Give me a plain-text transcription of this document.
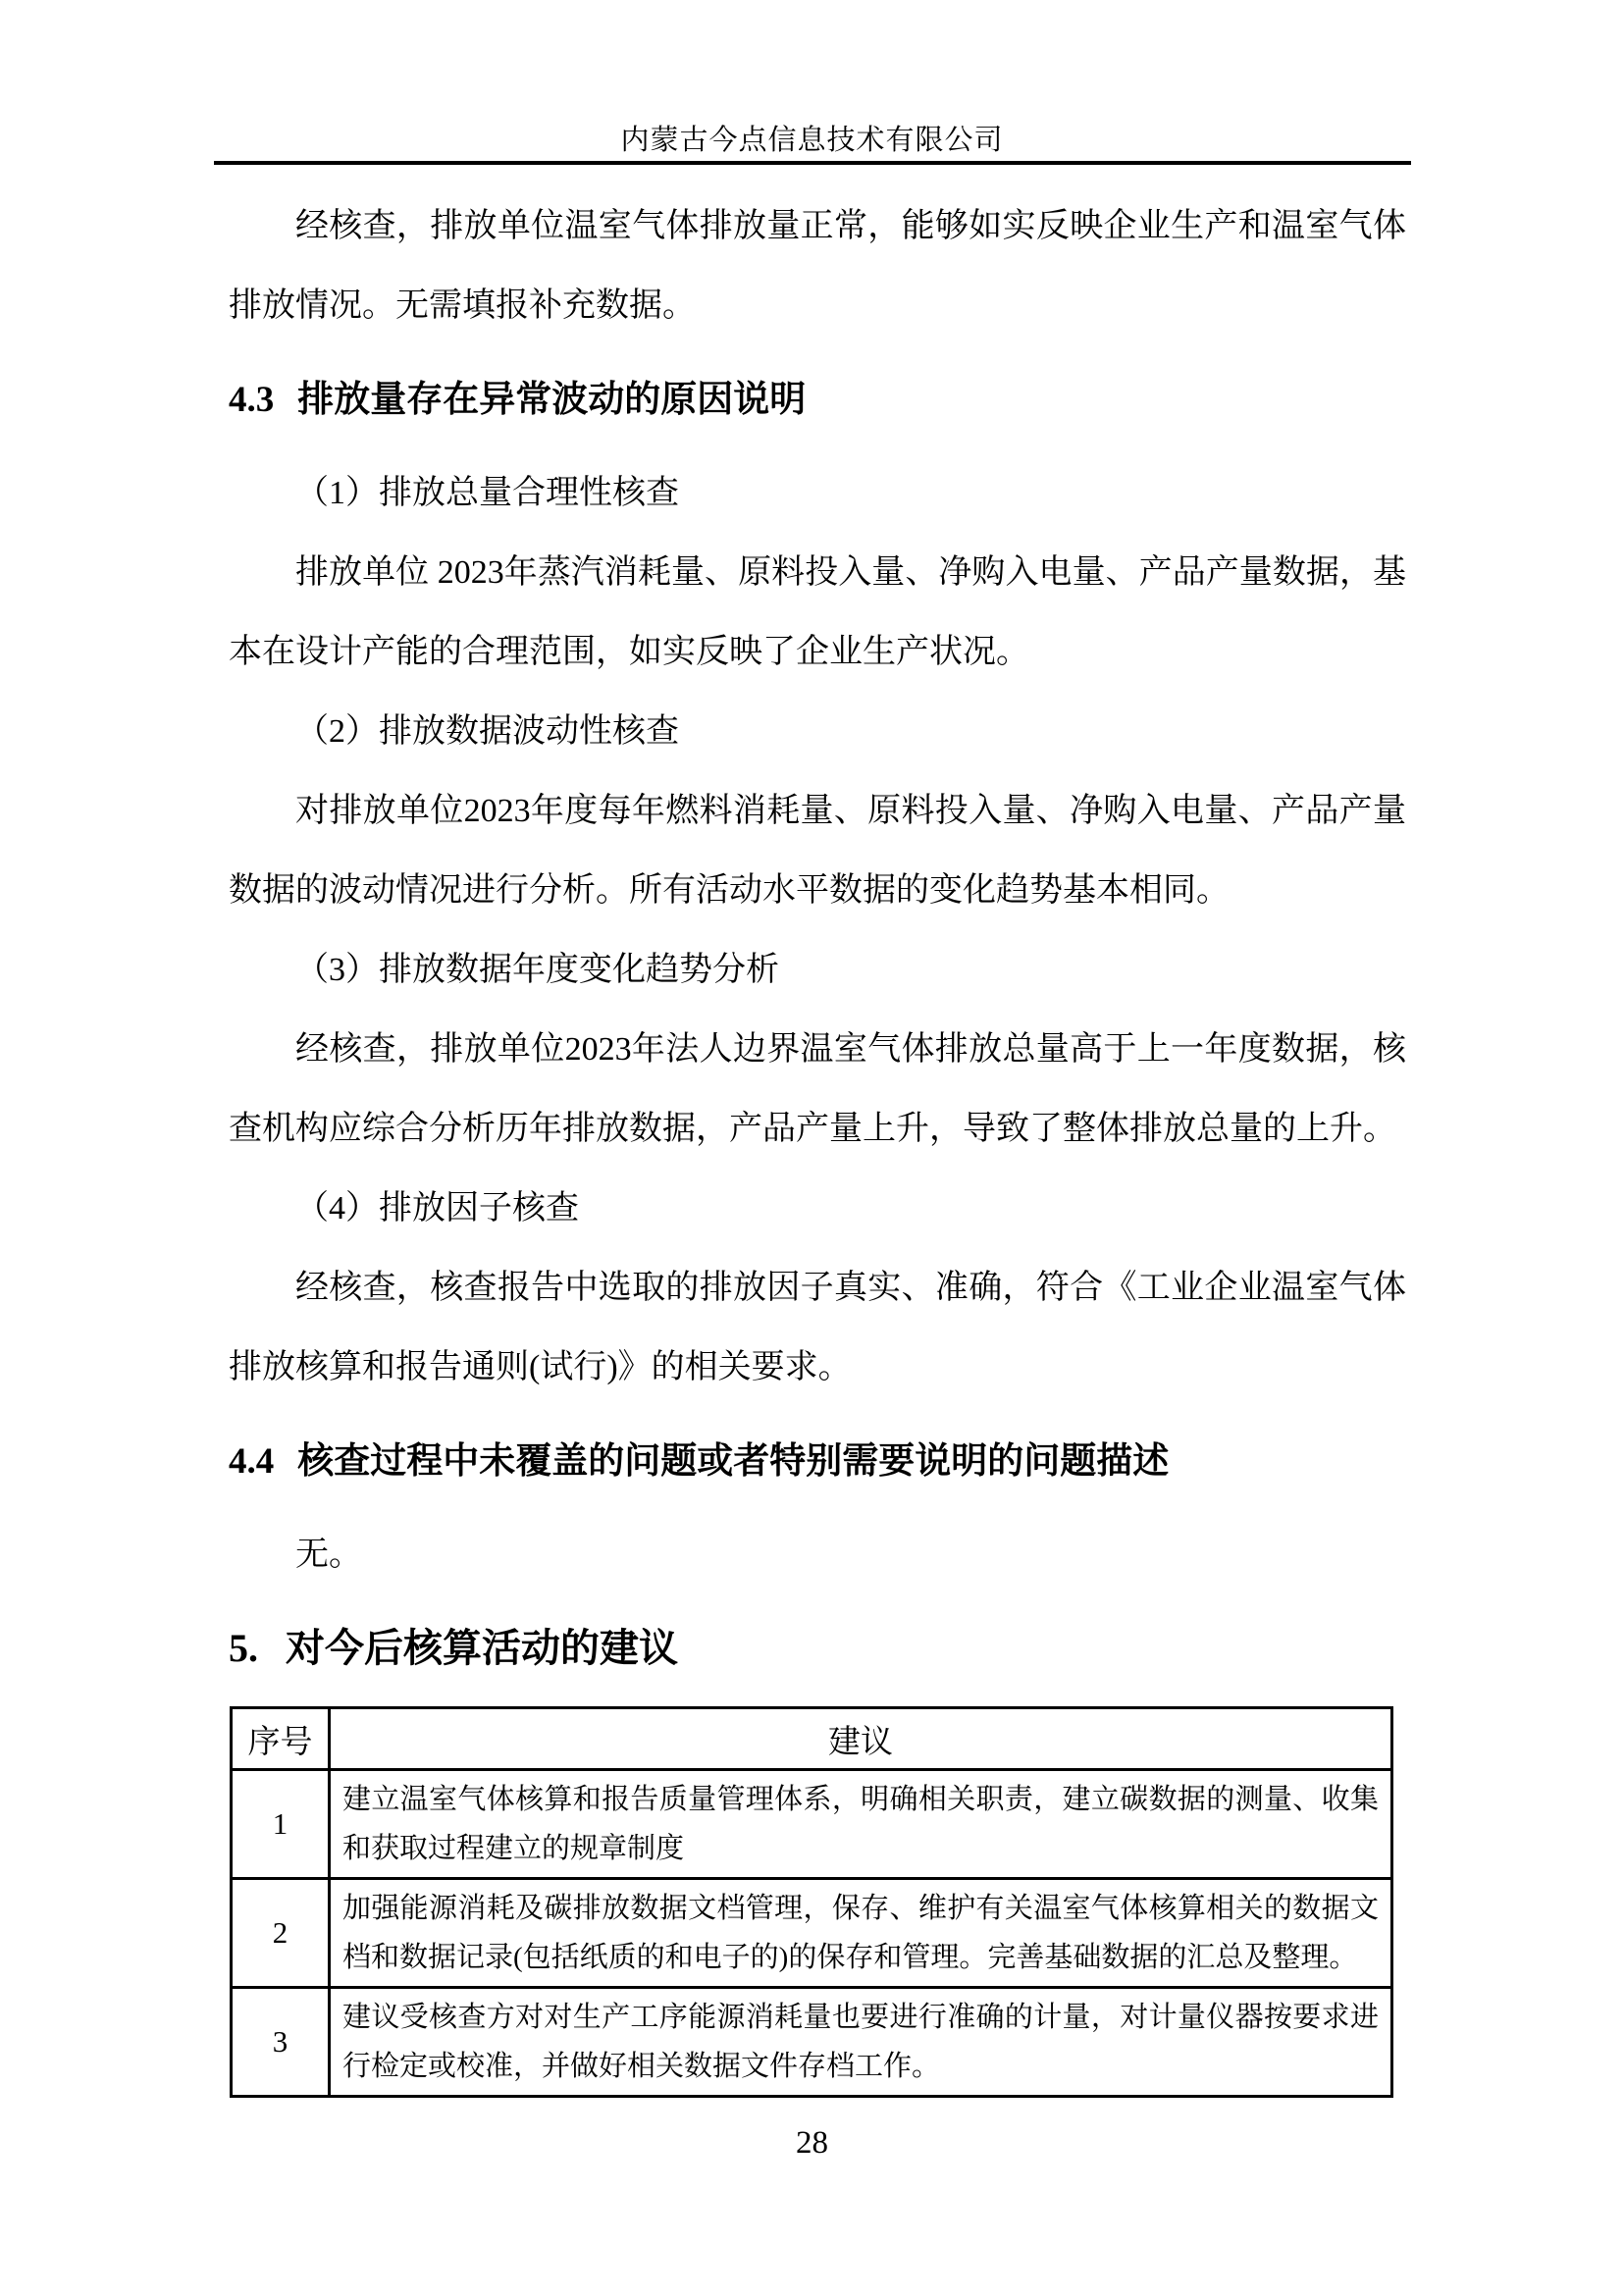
内蒙古今点信息技术有限公司

经核查，排放单位温室气体排放量正常，能够如实反映企业生产和温室气体排放情况。无需填报补充数据。

4.3 排放量存在异常波动的原因说明

（1）排放总量合理性核查

排放单位 2023年蒸汽消耗量、原料投入量、净购入电量、产品产量数据，基本在设计产能的合理范围，如实反映了企业生产状况。

（2）排放数据波动性核查

对排放单位2023年度每年燃料消耗量、原料投入量、净购入电量、产品产量数据的波动情况进行分析。所有活动水平数据的变化趋势基本相同。

（3）排放数据年度变化趋势分析

经核查，排放单位2023年法人边界温室气体排放总量高于上一年度数据，核查机构应综合分析历年排放数据，产品产量上升，导致了整体排放总量的上升。

（4）排放因子核查

经核查，核查报告中选取的排放因子真实、准确，符合《工业企业温室气体排放核算和报告通则(试行)》的相关要求。

4.4 核查过程中未覆盖的问题或者特别需要说明的问题描述

无。

5. 对今后核算活动的建议
序号	建议
1	建立温室气体核算和报告质量管理体系，明确相关职责，建立碳数据的测量、收集和获取过程建立的规章制度
2	加强能源消耗及碳排放数据文档管理，保存、维护有关温室气体核算相关的数据文档和数据记录(包括纸质的和电子的)的保存和管理。完善基础数据的汇总及整理。
3	建议受核查方对对生产工序能源消耗量也要进行准确的计量，对计量仪器按要求进行检定或校准，并做好相关数据文件存档工作。
28
